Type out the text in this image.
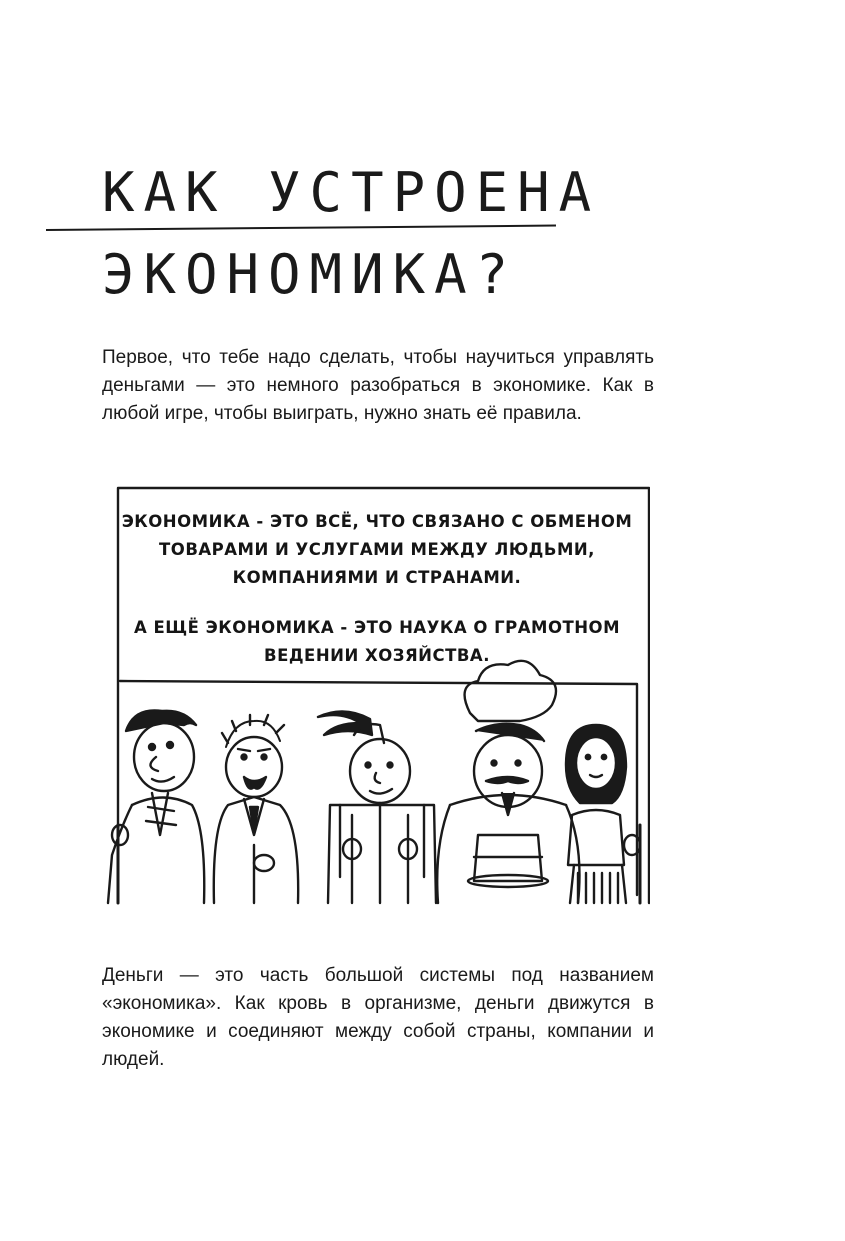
КАК УСТРОЕНА
ЭКОНОМИКА?

Первое, что тебе надо сделать, чтобы научиться управлять деньгами — это немного разобраться в экономике. Как в любой игре, чтобы выиграть, нужно знать её правила.

ЭКОНОМИКА - ЭТО ВСЁ, ЧТО СВЯЗАНО С ОБМЕНОМ ТОВАРАМИ И УСЛУГАМИ МЕЖДУ ЛЮДЬМИ, КОМПАНИЯМИ И СТРАНАМИ.

А ЕЩЁ ЭКОНОМИКА - ЭТО НАУКА О ГРАМОТНОМ ВЕДЕНИИ ХОЗЯЙСТВА.

Деньги — это часть большой системы под названием «экономика». Как кровь в организме, деньги движутся в экономике и соединяют между собой страны, компании и людей.
